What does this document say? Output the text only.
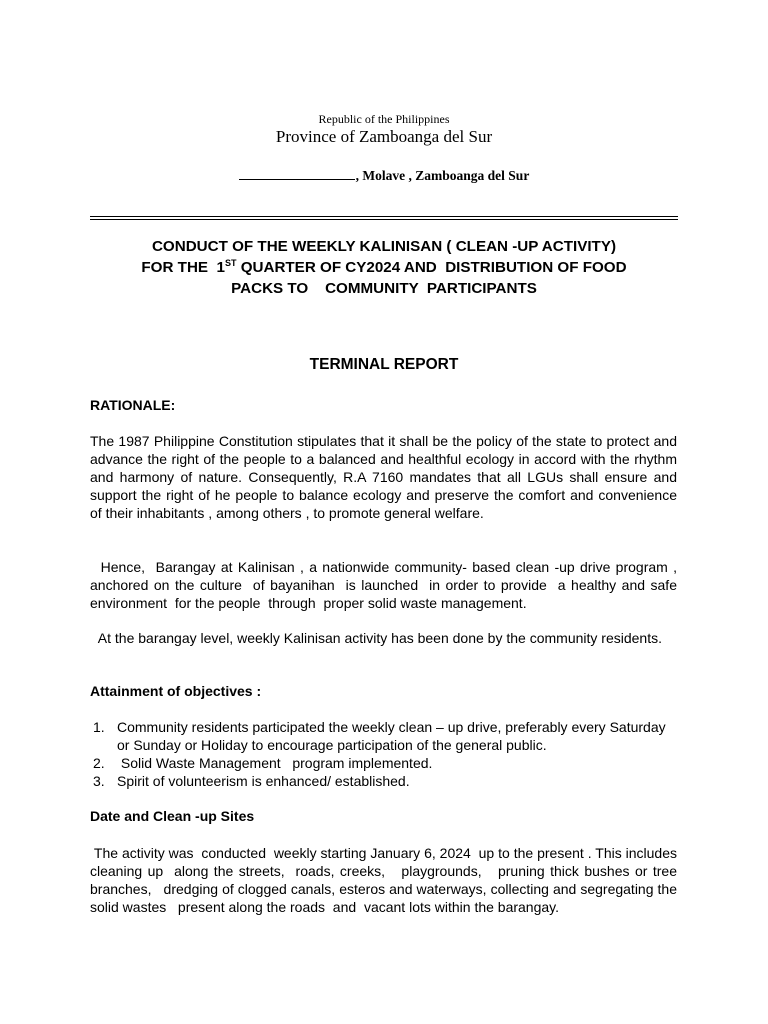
Republic of the Philippines
Province of Zamboanga del Sur
, Molave , Zamboanga del Sur
CONDUCT OF THE WEEKLY KALINISAN ( CLEAN -UP ACTIVITY)
FOR THE  1ST QUARTER OF CY2024 AND  DISTRIBUTION OF FOOD
PACKS TO    COMMUNITY  PARTICIPANTS
TERMINAL REPORT
RATIONALE:

The 1987 Philippine Constitution stipulates that it shall be the policy of the state to protect and advance the right of the people to a balanced and healthful ecology in accord with the rhythm and harmony of nature. Consequently, R.A 7160 mandates that all LGUs shall ensure and support the right of he people to balance ecology and preserve the comfort and convenience of their inhabitants , among others , to promote general welfare.

Hence,  Barangay at Kalinisan , a nationwide community- based clean -up drive program , anchored on the culture  of bayanihan  is launched  in order to provide  a healthy and safe environment  for the people  through  proper solid waste management.

At the barangay level, weekly Kalinisan activity has been done by the community residents.

Attainment of objectives :
1. Community residents participated the weekly clean – up drive, preferably every Saturday or Sunday or Holiday to encourage participation of the general public.
2. Solid Waste Management   program implemented.
3. Spirit of volunteerism is enhanced/ established.
Date and Clean -up Sites

The activity was  conducted  weekly starting January 6, 2024  up to the present . This includes cleaning up  along the streets,  roads, creeks,   playgrounds,   pruning thick bushes or tree branches,   dredging of clogged canals, esteros and waterways, collecting and segregating the solid wastes   present along the roads  and  vacant lots within the barangay.
